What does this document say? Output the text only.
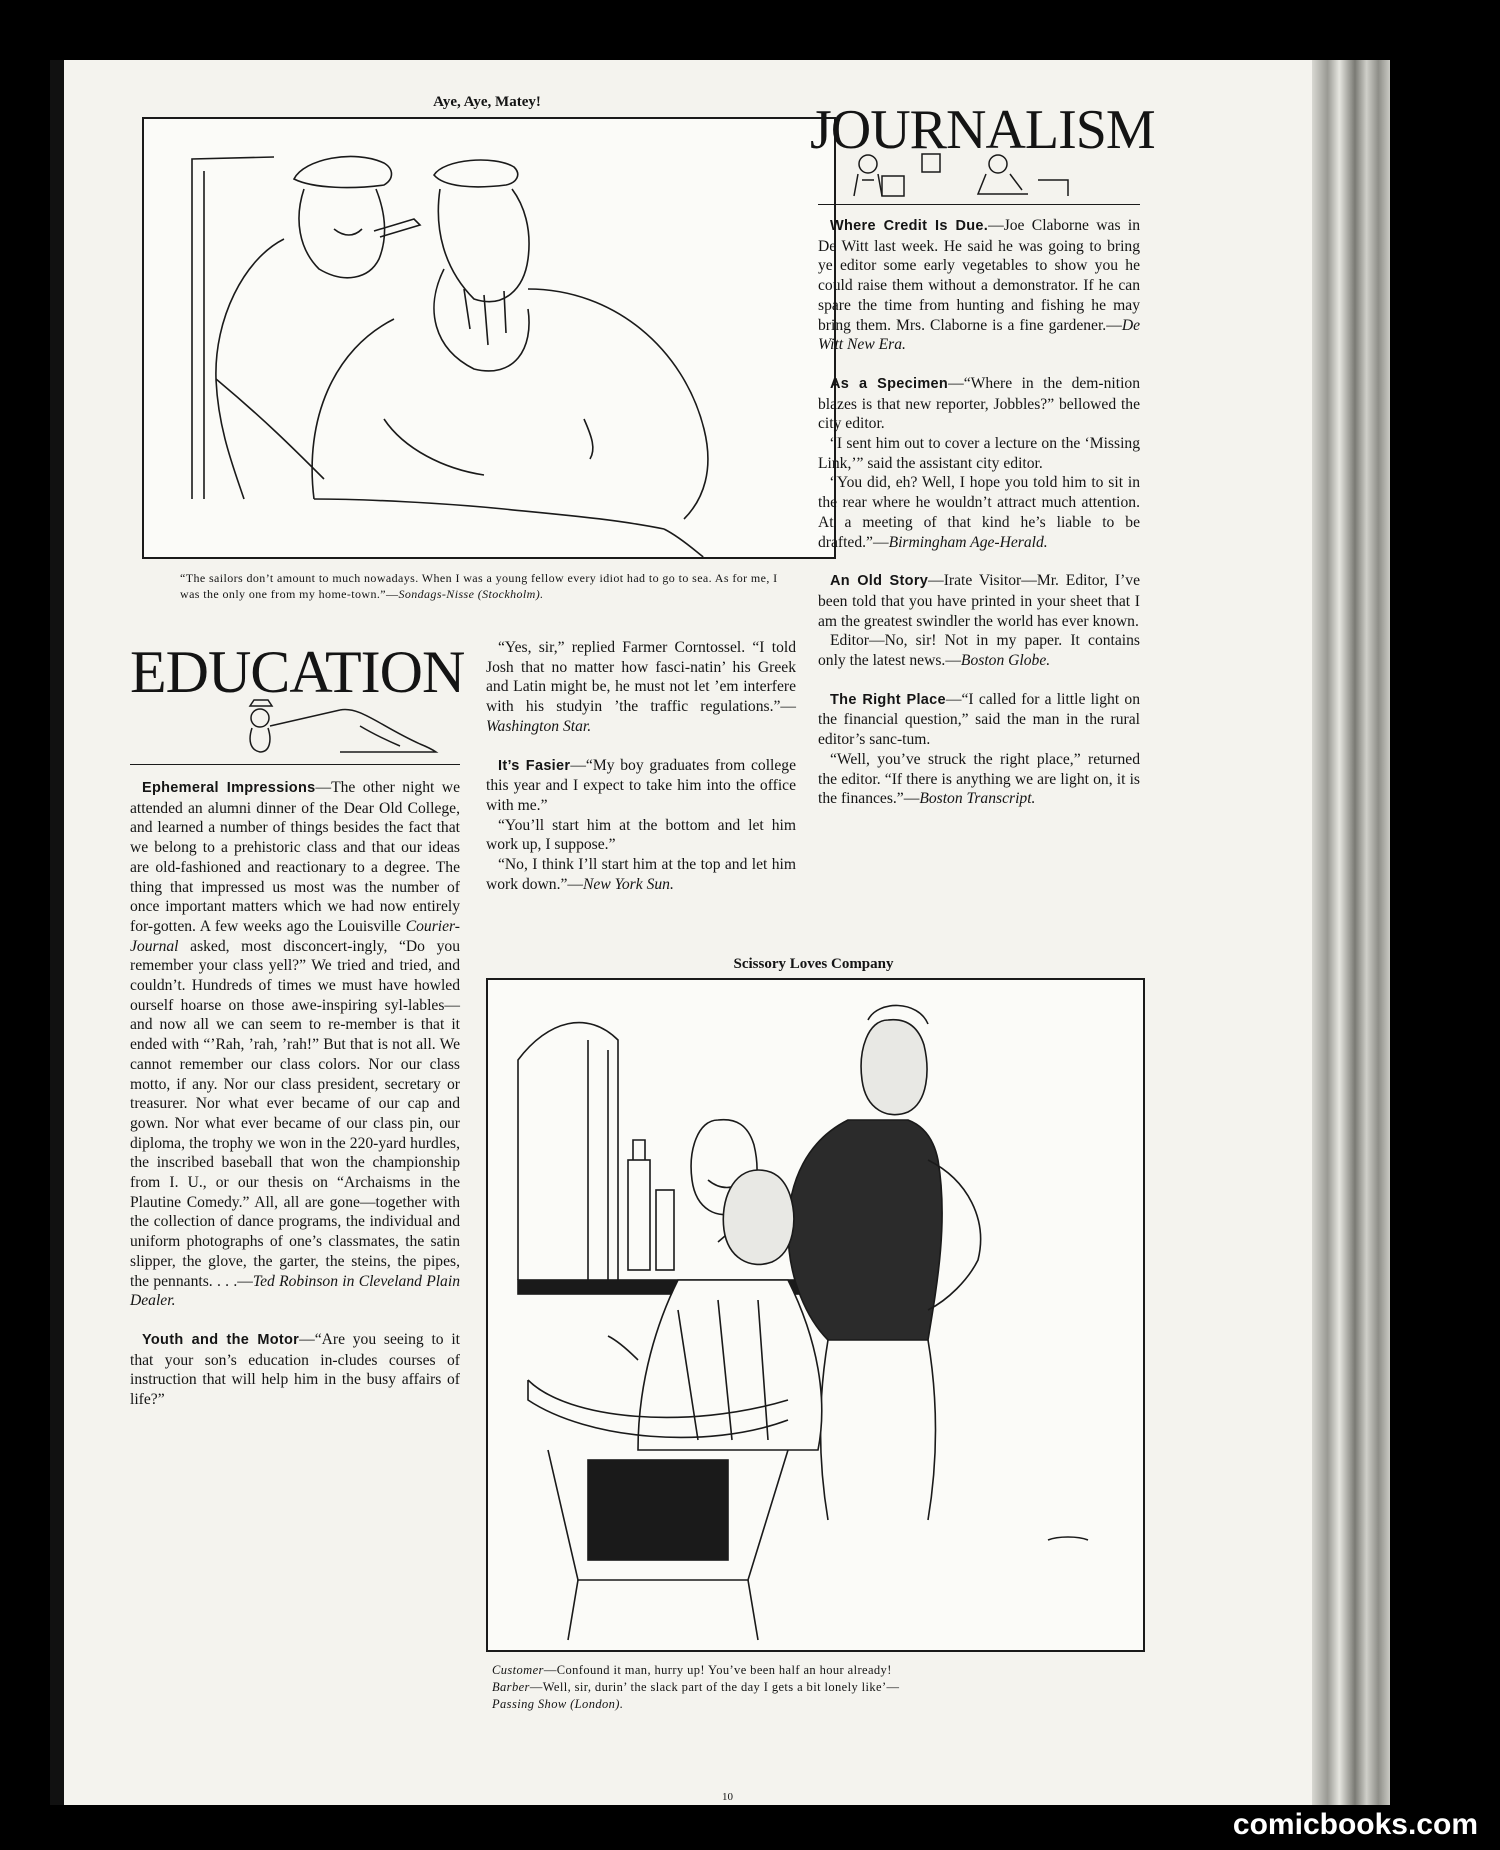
Aye, Aye, Matey!
“The sailors don’t amount to much nowadays. When I was a young fellow every idiot had to go to sea. As for me, I was the only one from my home-town.”—Sondags-Nisse (Stockholm).
JOURNALISM

Where Credit Is Due.—Joe Claborne was in De Witt last week. He said he was going to bring ye editor some early vegetables to show you he could raise them without a demonstrator. If he can spare the time from hunting and fishing he may bring them. Mrs. Claborne is a fine gardener.—De Witt New Era.

As a Specimen—“Where in the dem-nition blazes is that new reporter, Jobbles?” bellowed the city editor.

“I sent him out to cover a lecture on the ‘Missing Link,’” said the assistant city editor.

“You did, eh? Well, I hope you told him to sit in the rear where he wouldn’t attract much attention. At a meeting of that kind he’s liable to be drafted.”—Birmingham Age-Herald.

An Old Story—Irate Visitor—Mr. Editor, I’ve been told that you have printed in your sheet that I am the greatest swindler the world has ever known.

Editor—No, sir! Not in my paper. It contains only the latest news.—Boston Globe.

The Right Place—“I called for a little light on the financial question,” said the man in the rural editor’s sanc-tum.

“Well, you’ve struck the right place,” returned the editor. “If there is anything we are light on, it is the finances.”—Boston Transcript.

EDUCATION

Ephemeral Impressions—The other night we attended an alumni dinner of the Dear Old College, and learned a number of things besides the fact that we belong to a prehistoric class and that our ideas are old-fashioned and reactionary to a degree. The thing that impressed us most was the number of once important matters which we had now entirely for-gotten. A few weeks ago the Louisville Courier-Journal asked, most disconcert-ingly, “Do you remember your class yell?” We tried and tried, and couldn’t. Hundreds of times we must have howled ourself hoarse on those awe-inspiring syl-lables—and now all we can seem to re-member is that it ended with “’Rah, ’rah, ’rah!” But that is not all. We cannot remember our class colors. Nor our class motto, if any. Nor our class president, secretary or treasurer. Nor what ever became of our cap and gown. Nor what ever became of our class pin, our diploma, the trophy we won in the 220-yard hurdles, the inscribed baseball that won the championship from I. U., or our thesis on “Archaisms in the Plautine Comedy.” All, all are gone—together with the collection of dance programs, the individual and uniform photographs of one’s classmates, the satin slipper, the glove, the garter, the steins, the pipes, the pennants. . . .—Ted Robinson in Cleveland Plain Dealer.

Youth and the Motor—“Are you seeing to it that your son’s education in-cludes courses of instruction that will help him in the busy affairs of life?”

“Yes, sir,” replied Farmer Corntossel. “I told Josh that no matter how fasci-natin’ his Greek and Latin might be, he must not let ’em interfere with his studyin ’the traffic regulations.”—Washington Star.

It’s Fasier—“My boy graduates from college this year and I expect to take him into the office with me.”

“You’ll start him at the bottom and let him work up, I suppose.”

“No, I think I’ll start him at the top and let him work down.”—New York Sun.

Scissory Loves Company
Customer—Confound it man, hurry up! You’ve been half an hour already!
Barber—Well, sir, durin’ the slack part of the day I gets a bit lonely like’—
Passing Show (London).
10
comicbooks.com
